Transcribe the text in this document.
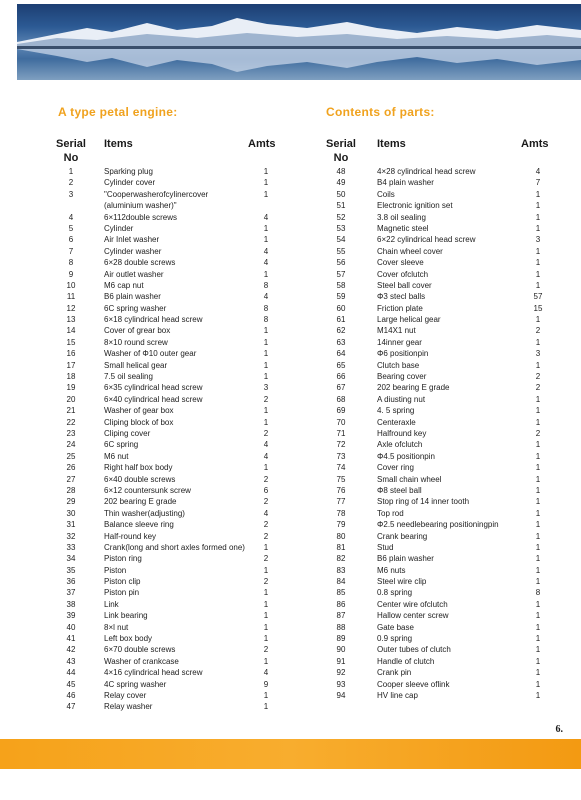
A type petal engine:	Contents of parts:
Serial
No
Items	Amts	Serial
No
Items	Amts
1	Sparking plug	1
2	Cylinder cover	1
3	"Cooperwasherofcylinercover	1
(aluminium washer)"
4	6×112double screws	4
5	Cylinder	1
6	Air Inlet washer	1
7	Cylinder washer	4
8	6×28 double screws	4
9	Air outlet washer	1
10	M6 cap nut	8
11	B6 plain washer	4
12	6C spring washer	8
13	6×18 cylindrical head screw	8
14	Cover of grear box	1
15	8×10 round screw	1
16	Washer of Φ10 outer gear	1
17	Small helical gear	1
18	7.5 oil sealing	1
19	6×35 cylindrical head screw	3
20	6×40 cylindrical head screw	2
21	Washer of gear box	1
22	Cliping block of box	1
23	Cliping cover	2
24	6C spring	4
25	M6 nut	4
26	Right half box body	1
27	6×40 double screws	2
28	6×12 countersunk screw	6
29	202 bearing E grade	2
30	Thin washer(adjusting)	4
31	Balance sleeve ring	2
32	Half-round key	2
33	Crank(long and short axles formed one)	1
34	Piston ring	2
35	Piston	1
36	Piston clip	2
37	Piston pin	1
38	Link	1
39	Link bearing	1
40	8×l nut	1
41	Left box body	1
42	6×70 double screws	2
43	Washer of crankcase	1
44	4×16 cylindrical head screw	4
45	4C spring washer	9
46	Relay cover	1
47	Relay washer	1
48	4×28 cylindrical head screw	4
49	B4 plain washer	7
50	Coils	1
51	Electronic ignition set	1
52	3.8 oil sealing	1
53	Magnetic steel	1
54	6×22 cylindrical head screw	3
55	Chain wheel cover	1
56	Cover sleeve	1
57	Cover ofclutch	1
58	Steel ball cover	1
59	Φ3 stecl balls	57
60	Friction plate	15
61	Large helical gear	1
62	M14X1 nut	2
63	14inner gear	1
64	Φ6 positionpin	3
65	Clutch base	1
66	Bearing cover	2
67	202 bearing E grade	2
68	A diusting nut	1
69	4. 5 spring	1
70	Centeraxle	1
71	Halfround key	2
72	Axle ofclutch	1
73	Φ4.5 positionpin	1
74	Cover ring	1
75	Small chain wheel	1
76	Φ8 steel ball	1
77	Stop ring of 14 inner tooth	1
78	Top rod	1
79	Φ2.5 needlebearing positioningpin	1
80	Crank bearing	1
81	Stud	1
82	B6 plain washer	1
83	M6 nuts	1
84	Steel wire clip	1
85	0.8 spring	8
86	Center wire ofclutch	1
87	Hallow center screw	1
88	Gate base	1
89	0.9 spring	1
90	Outer tubes of clutch	1
91	Handle of clutch	1
92	Crank pin	1
93	Cooper sleeve oflink	1
94	HV line cap	1
6.
